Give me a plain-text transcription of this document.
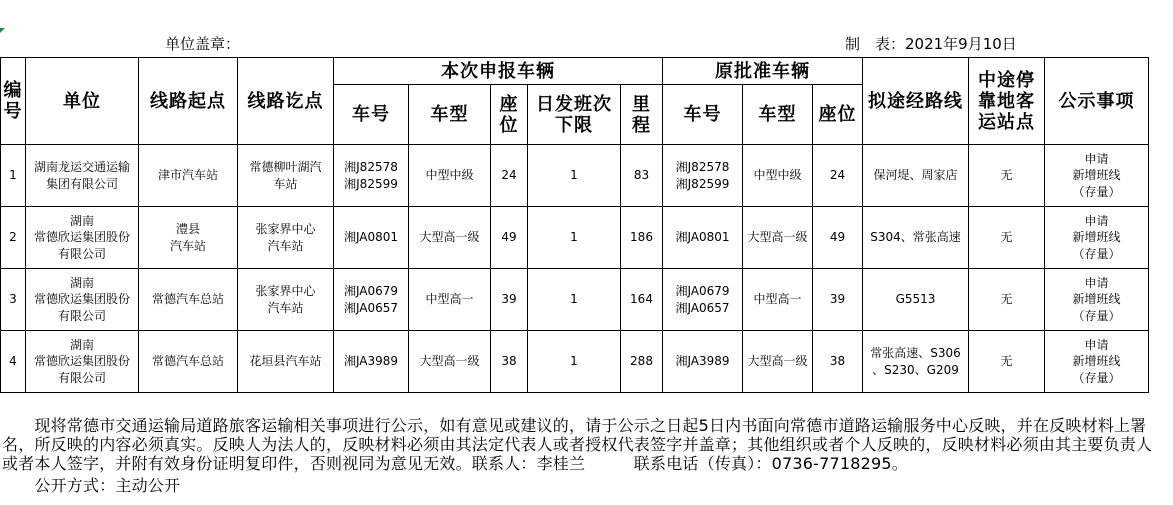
单位盖章：	制　表：2021年9月10日
编
号	单位	线路起点	线路讫点	本次申报车辆					原批准车辆			拟途经路线	中途停
靠地客
运站点	公示事项
				车号	车型	座
位	日发班次
下限	里
程	车号	车型	座位			
1	湖南龙运交通运输
集团有限公司	津市汽车站	常德柳叶湖汽
车站	湘J82578
湘J82599	中型中级	24	1	83	湘J82578
湘J82599	中型中级	24	保河堤、周家店	无	申请
新增班线
（存量）
2	湖南
常德欣运集团股份
有限公司	澧县
汽车站	张家界中心
汽车站	湘JA0801	大型高一级	49	1	186	湘JA0801	大型高一级	49	S304、常张高速	无	申请
新增班线
（存量）
3	湖南
常德欣运集团股份
有限公司	常德汽车总站	张家界中心
汽车站	湘JA0679
湘JA0657	中型高一	39	1	164	湘JA0679
湘JA0657	中型高一	39	G5513	无	申请
新增班线
（存量）
4	湖南
常德欣运集团股份
有限公司	常德汽车总站	花垣县汽车站	湘JA3989	大型高一级	38	1	288	湘JA3989	大型高一级	38	常张高速、S306
、S230、G209	无	申请
新增班线
（存量）
　　现将常德市交通运输局道路旅客运输相关事项进行公示，如有意见或建议的，请于公示之日起5日内书面向常德市道路运输服务中心反映，并在反映材料上署
名，所反映的内容必须真实。反映人为法人的，反映材料必须由其法定代表人或者授权代表签字并盖章；其他组织或者个人反映的，反映材料必须由其主要负责人
或者本人签字，并附有效身份证明复印件，否则视同为意见无效。联系人：李桂兰　　　联系电话（传真）：0736-7718295。
　　公开方式：主动公开
